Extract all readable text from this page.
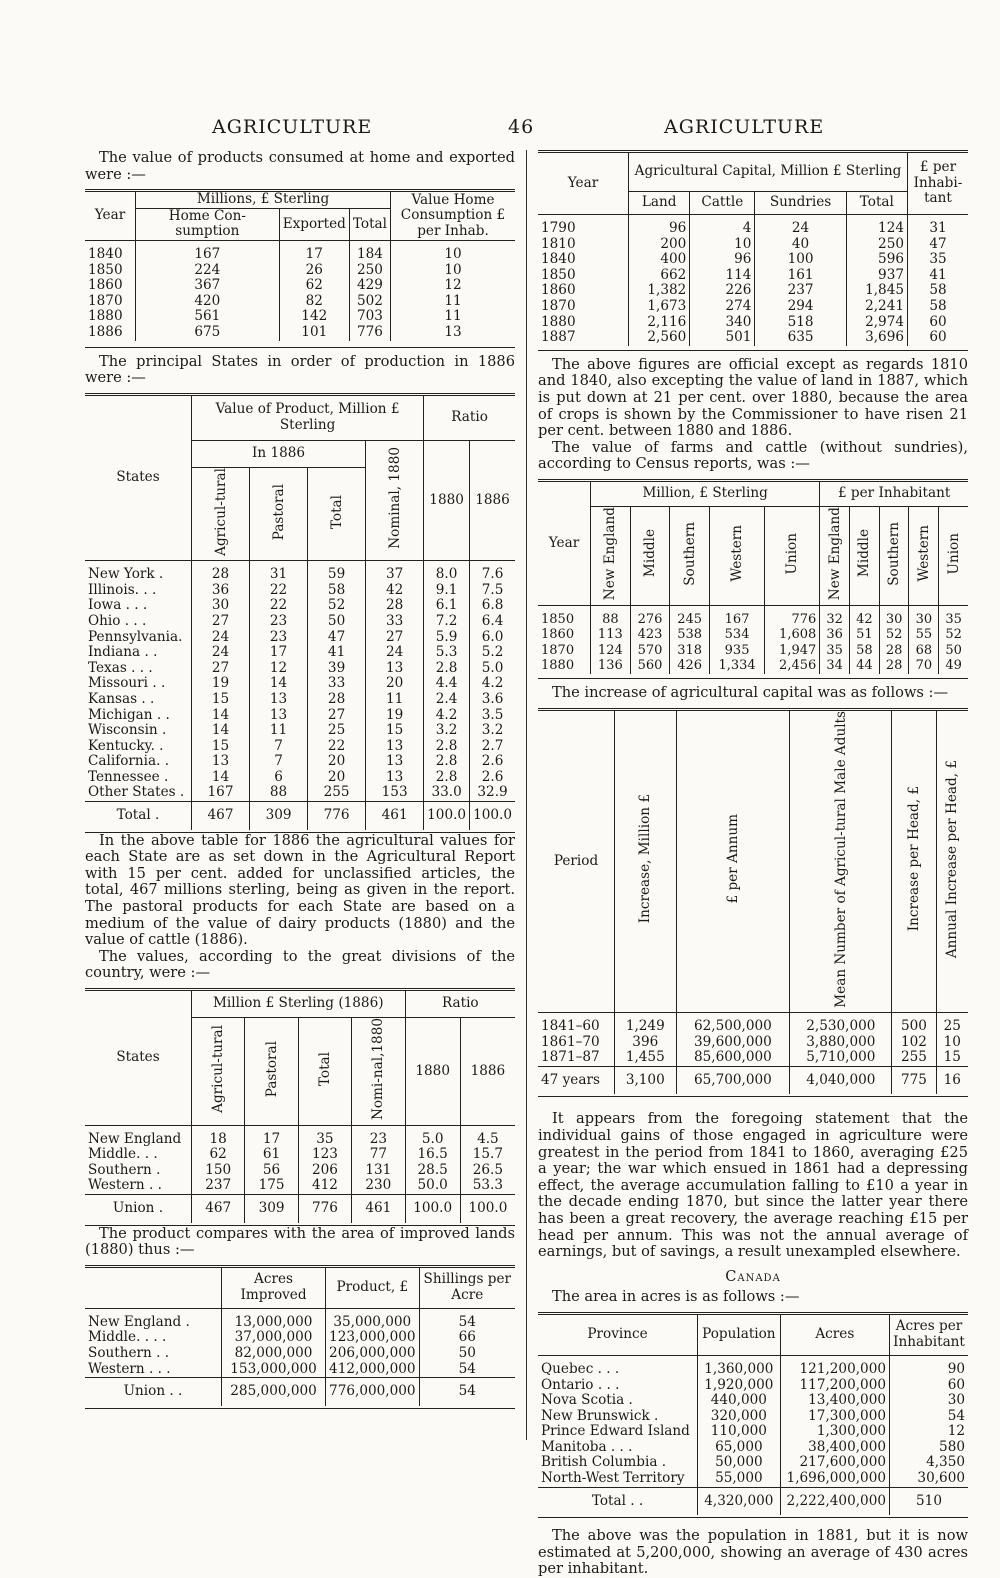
AGRICULTURE	46	AGRICULTURE

The value of products consumed at home and exported were :—

Year	Millions, £ Sterling			Value Home Consumption £ per Inhab.
	Home Con-sumption	Exported	Total	
1840	167	17	184	10
1850	224	26	250	10
1860	367	62	429	12
1870	420	82	502	11
1880	561	142	703	11
1886	675	101	776	13

The principal States in order of production in 1886 were :—

States	Value of Product, Million £ Sterling				Ratio	
	In 1886			Nominal, 1880	1880	1886
	Agricul-tural	Pastoral	Total			
New York .	28	31	59	37	8.0	7.6
Illinois. . .	36	22	58	42	9.1	7.5
Iowa . . .	30	22	52	28	6.1	6.8
Ohio . . .	27	23	50	33	7.2	6.4
Pennsylvania.	24	23	47	27	5.9	6.0
Indiana . .	24	17	41	24	5.3	5.2
Texas . . .	27	12	39	13	2.8	5.0
Missouri . .	19	14	33	20	4.4	4.2
Kansas . .	15	13	28	11	2.4	3.6
Michigan . .	14	13	27	19	4.2	3.5
Wisconsin .	14	11	25	15	3.2	3.2
Kentucky. .	15	7	22	13	2.8	2.7
California. .	13	7	20	13	2.8	2.6
Tennessee .	14	6	20	13	2.8	2.6
Other States .	167	88	255	153	33.0	32.9
Total .	467	309	776	461	100.0	100.0

In the above table for 1886 the agricultural values for each State are as set down in the Agricultural Report with 15 per cent. added for unclassified articles, the total, 467 millions sterling, being as given in the report. The pastoral products for each State are based on a medium of the value of dairy products (1880) and the value of cattle (1886).

The values, according to the great divisions of the country, were :—

States	Million £ Sterling (1886)				Ratio	
	Agricul-tural	Pastoral	Total	Nomi-nal,1880	1880	1886
New England	18	17	35	23	5.0	4.5
Middle. . .	62	61	123	77	16.5	15.7
Southern .	150	56	206	131	28.5	26.5
Western . .	237	175	412	230	50.0	53.3
Union .	467	309	776	461	100.0	100.0

The product compares with the area of improved lands (1880) thus :—

	Acres Improved	Product, £	Shillings per Acre
New England .	13,000,000	35,000,000	54
Middle. . . .	37,000,000	123,000,000	66
Southern . .	82,000,000	206,000,000	50
Western . . .	153,000,000	412,000,000	54
Union . .	285,000,000	776,000,000	54
Year	Agricultural Capital, Million £ Sterling				£ per Inhabi-tant
	Land	Cattle	Sundries	Total	
1790	96	4	24	124	31
1810	200	10	40	250	47
1840	400	96	100	596	35
1850	662	114	161	937	41
1860	1,382	226	237	1,845	58
1870	1,673	274	294	2,241	58
1880	2,116	340	518	2,974	60
1887	2,560	501	635	3,696	60

The above figures are official except as regards 1810 and 1840, also excepting the value of land in 1887, which is put down at 21 per cent. over 1880, because the area of crops is shown by the Commissioner to have risen 21 per cent. between 1880 and 1886.

The value of farms and cattle (without sundries), according to Census reports, was :—

Year	Million, £ Sterling					£ per Inhabitant				
	New England	Middle	Southern	Western	Union	New England	Middle	Southern	Western	Union
1850	88	276	245	167	776	32	42	30	30	35
1860	113	423	538	534	1,608	36	51	52	55	52
1870	124	570	318	935	1,947	35	58	28	68	50
1880	136	560	426	1,334	2,456	34	44	28	70	49

The increase of agricultural capital was as follows :—

Period	Increase, Million £	£ per Annum	Mean Number of Agricul-tural Male Adults	Increase per Head, £	Annual Increase per Head, £
1841–60	1,249	62,500,000	2,530,000	500	25
1861–70	396	39,600,000	3,880,000	102	10
1871–87	1,455	85,600,000	5,710,000	255	15
47 years	3,100	65,700,000	4,040,000	775	16

It appears from the foregoing statement that the individual gains of those engaged in agriculture were greatest in the period from 1841 to 1860, averaging £25 a year; the war which ensued in 1861 had a depressing effect, the average accumulation falling to £10 a year in the decade ending 1870, but since the latter year there has been a great recovery, the average reaching £15 per head per annum. This was not the annual average of earnings, but of savings, a result unexampled elsewhere.

Canada

The area in acres is as follows :—

Province	Population	Acres	Acres per Inhabitant
Quebec . . .	1,360,000	121,200,000	90
Ontario . . .	1,920,000	117,200,000	60
Nova Scotia .	440,000	13,400,000	30
New Brunswick .	320,000	17,300,000	54
Prince Edward Island	110,000	1,300,000	12
Manitoba . . .	65,000	38,400,000	580
British Columbia .	50,000	217,600,000	4,350
North-West Territory	55,000	1,696,000,000	30,600
Total . .	4,320,000	2,222,400,000	510

The above was the population in 1881, but it is now estimated at 5,200,000, showing an average of 430 acres per inhabitant.
